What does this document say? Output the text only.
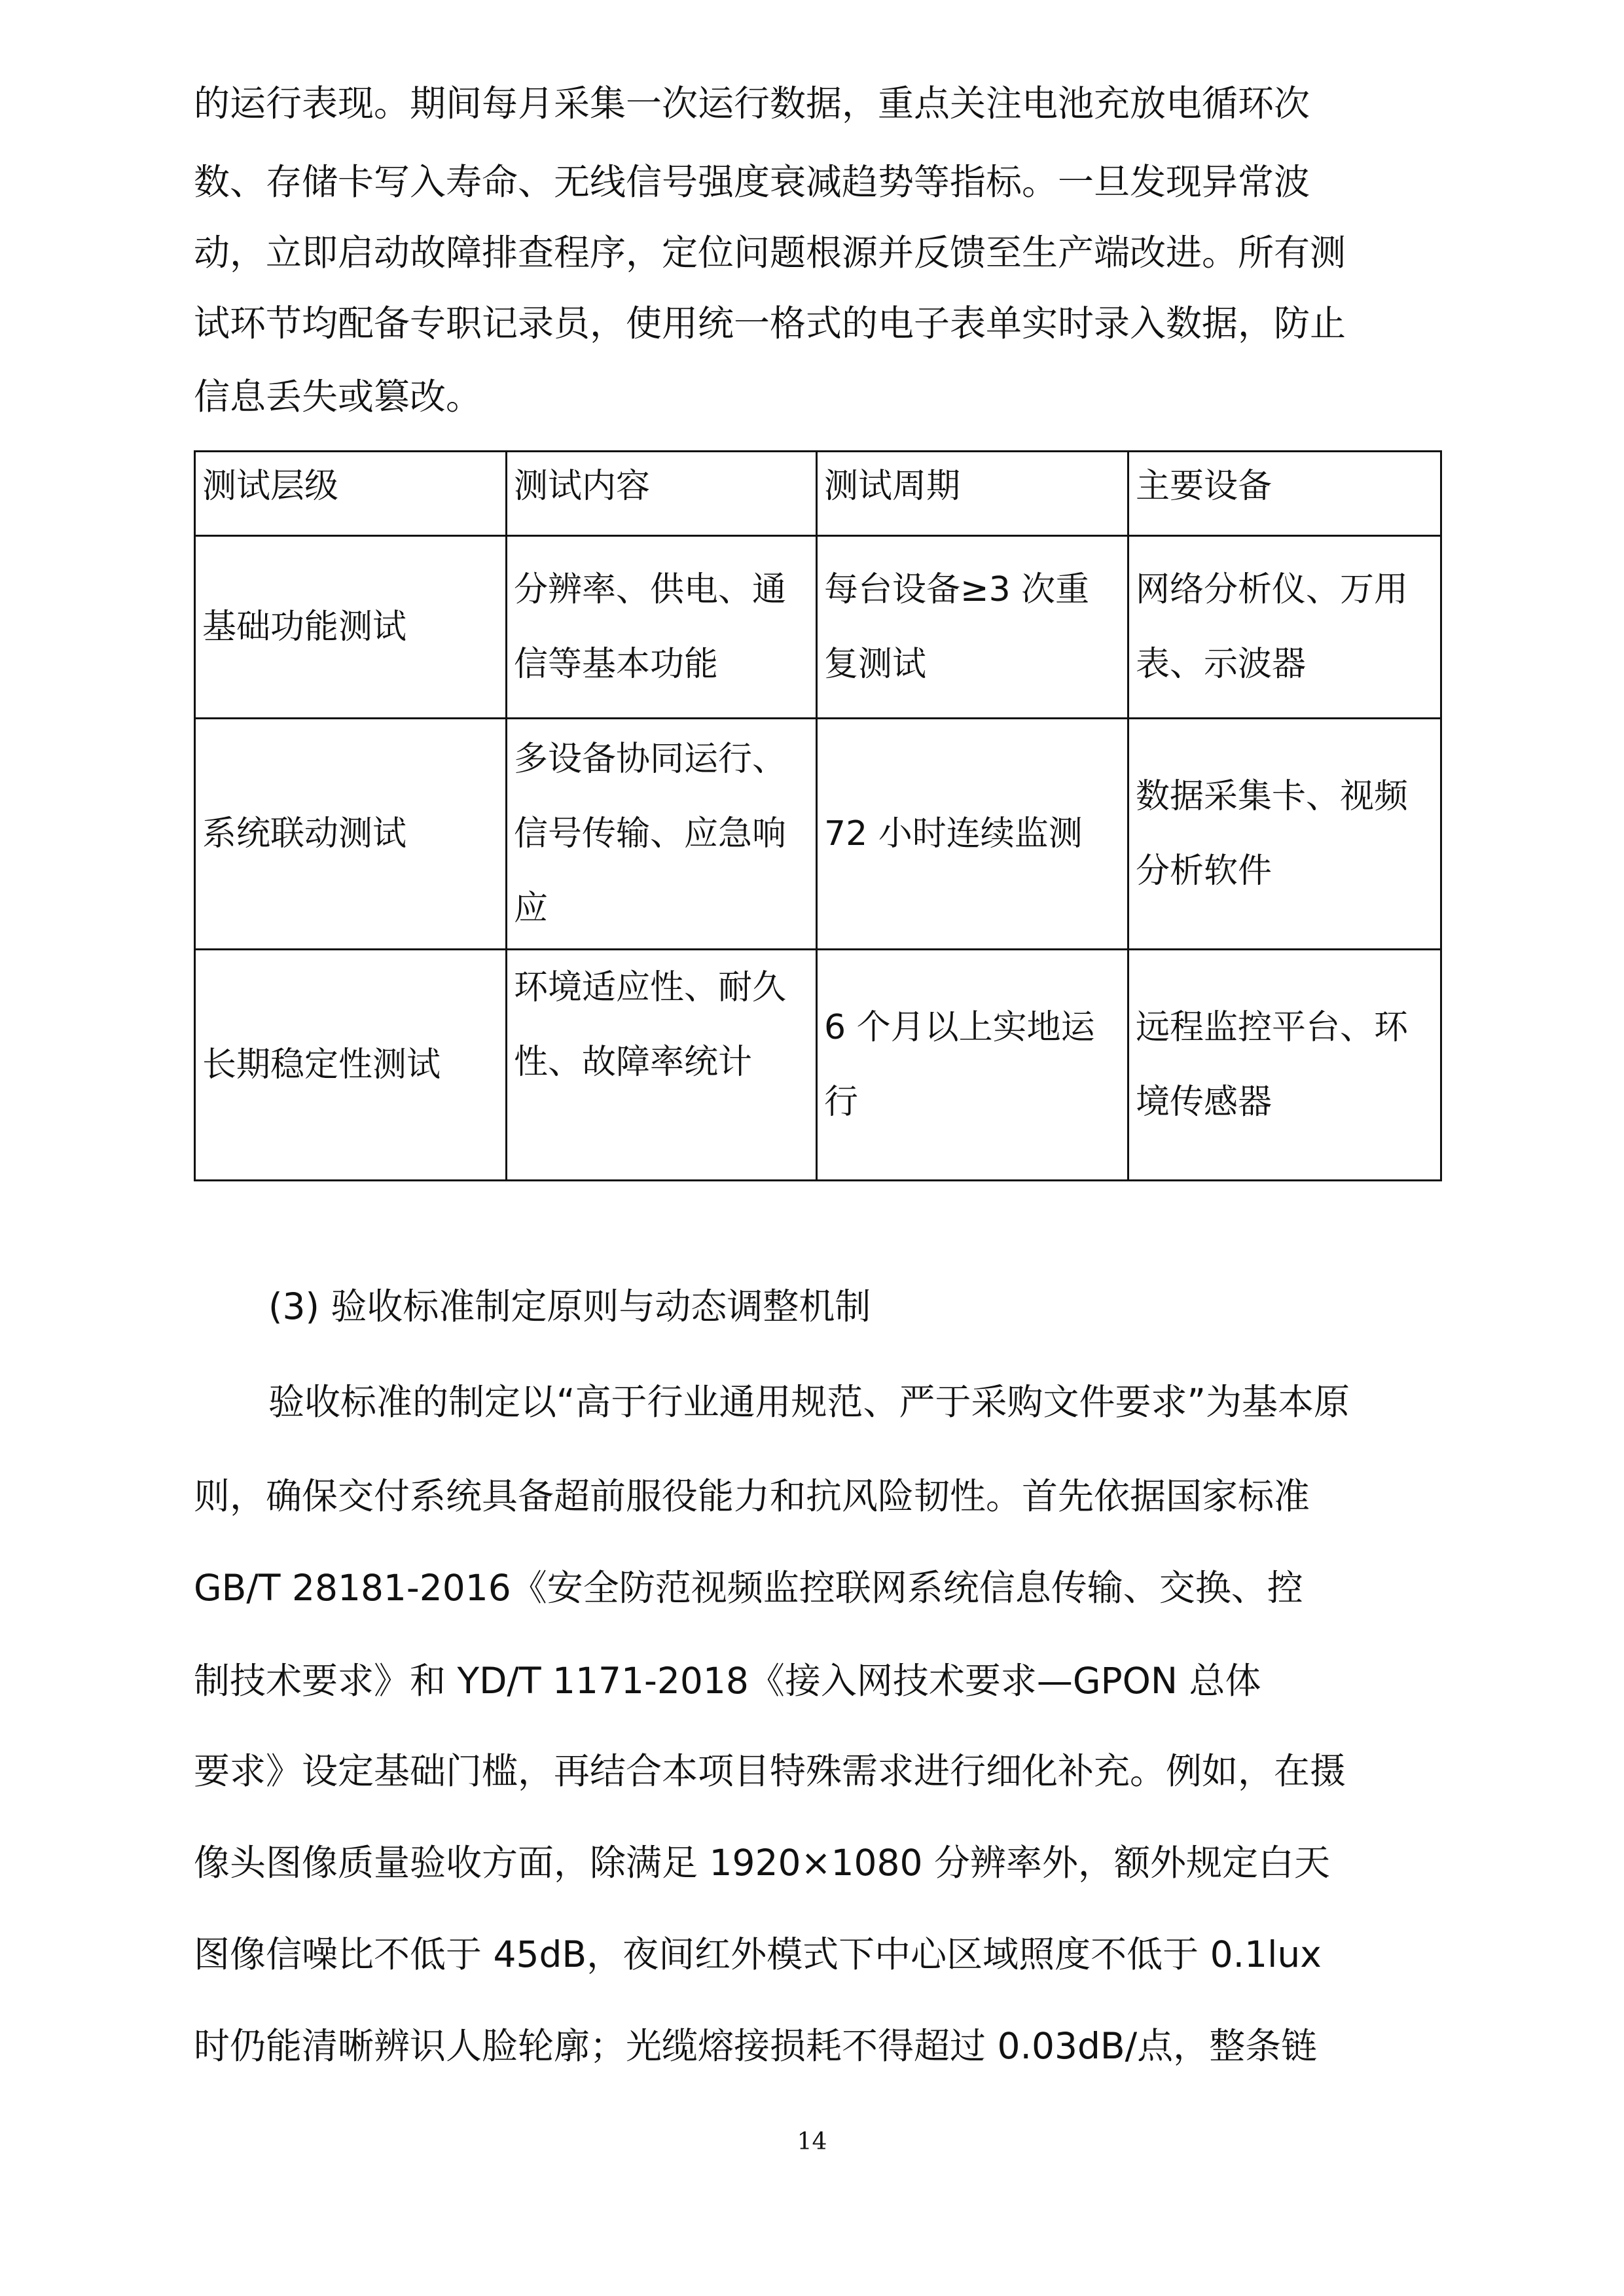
的运行表现。期间每月采集一次运行数据，重点关注电池充放电循环次

数、存储卡写入寿命、无线信号强度衰减趋势等指标。一旦发现异常波

动，立即启动故障排查程序，定位问题根源并反馈至生产端改进。所有测

试环节均配备专职记录员，使用统一格式的电子表单实时录入数据，防止

信息丢失或篡改。

测试层级	测试内容	测试周期	主要设备
基础功能测试	分辨率、供电、通信等基本功能	每台设备≥3 次重复测试	网络分析仪、万用表、示波器
系统联动测试	多设备协同运行、信号传输、应急响应	72 小时连续监测	数据采集卡、视频分析软件
长期稳定性测试	环境适应性、耐久性、故障率统计	6 个月以上实地运行	远程监控平台、环境传感器

(3) 验收标准制定原则与动态调整机制

验收标准的制定以“高于行业通用规范、严于采购文件要求”为基本原

则，确保交付系统具备超前服役能力和抗风险韧性。首先依据国家标准

GB/T 28181-2016《安全防范视频监控联网系统信息传输、交换、控

制技术要求》和 YD/T 1171-2018《接入网技术要求—GPON 总体

要求》设定基础门槛，再结合本项目特殊需求进行细化补充。例如，在摄

像头图像质量验收方面，除满足 1920×1080 分辨率外，额外规定白天

图像信噪比不低于 45dB，夜间红外模式下中心区域照度不低于 0.1lux

时仍能清晰辨识人脸轮廓；光缆熔接损耗不得超过 0.03dB/点，整条链

14
